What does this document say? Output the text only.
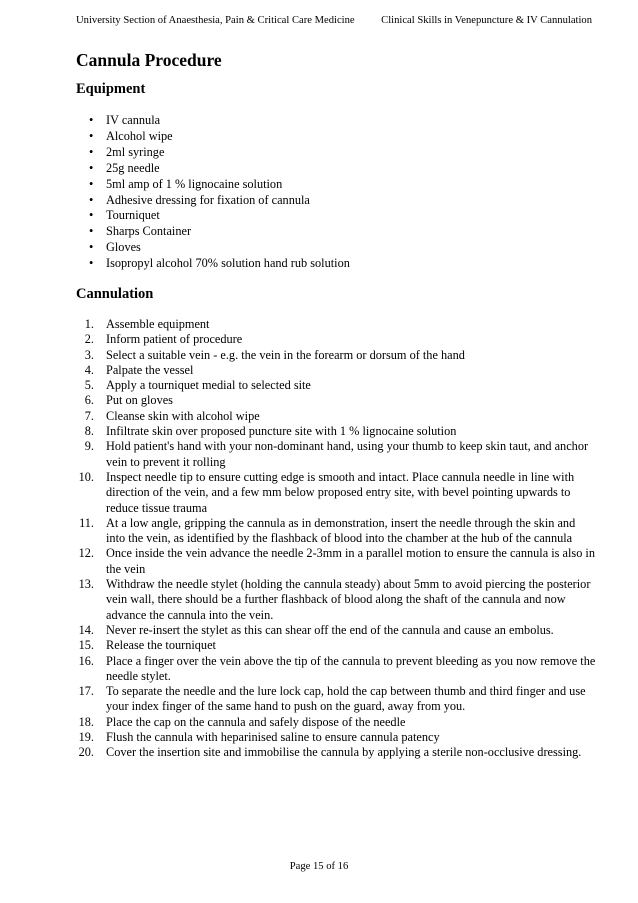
University Section of Anaesthesia, Pain & Critical Care Medicine	Clinical Skills in Venepuncture & IV Cannulation
Cannula Procedure
Equipment
• IV cannula
• Alcohol wipe
• 2ml syringe
• 25g needle
• 5ml amp of 1 % lignocaine solution
• Adhesive dressing for fixation of cannula
• Tourniquet
• Sharps Container
• Gloves
• Isopropyl alcohol 70% solution hand rub solution
Cannulation
1. Assemble equipment
2. Inform patient of procedure
3. Select a suitable vein - e.g. the vein in the forearm or dorsum of the hand
4. Palpate the vessel
5. Apply a tourniquet medial to selected site
6. Put on gloves
7. Cleanse skin with alcohol wipe
8. Infiltrate skin over proposed puncture site with 1 % lignocaine solution
9. Hold patient's hand with your non-dominant hand, using your thumb to keep skin taut, and anchor vein to prevent it rolling
10. Inspect needle tip to ensure cutting edge is smooth and intact. Place cannula needle in line with direction of the vein, and a few mm below proposed entry site, with bevel pointing upwards to reduce tissue trauma
11. At a low angle, gripping the cannula as in demonstration, insert the needle through the skin and into the vein, as identified by the flashback of blood into the chamber at the hub of the cannula
12. Once inside the vein advance the needle 2-3mm in a parallel motion to ensure the cannula is also in the vein
13. Withdraw the needle stylet (holding the cannula steady) about 5mm to avoid piercing the posterior vein wall, there should be a further flashback of blood along the shaft of the cannula and now advance the cannula into the vein.
14. Never re-insert the stylet as this can shear off the end of the cannula and cause an embolus.
15. Release the tourniquet
16. Place a finger over the vein above the tip of the cannula to prevent bleeding as you now remove the needle stylet.
17. To separate the needle and the lure lock cap, hold the cap between thumb and third finger and use your index finger of the same hand to push on the guard, away from you.
18. Place the cap on the cannula and safely dispose of the needle
19. Flush the cannula with heparinised saline to ensure cannula patency
20. Cover the insertion site and immobilise the cannula by applying a sterile non-occlusive dressing.
Page 15 of 16
